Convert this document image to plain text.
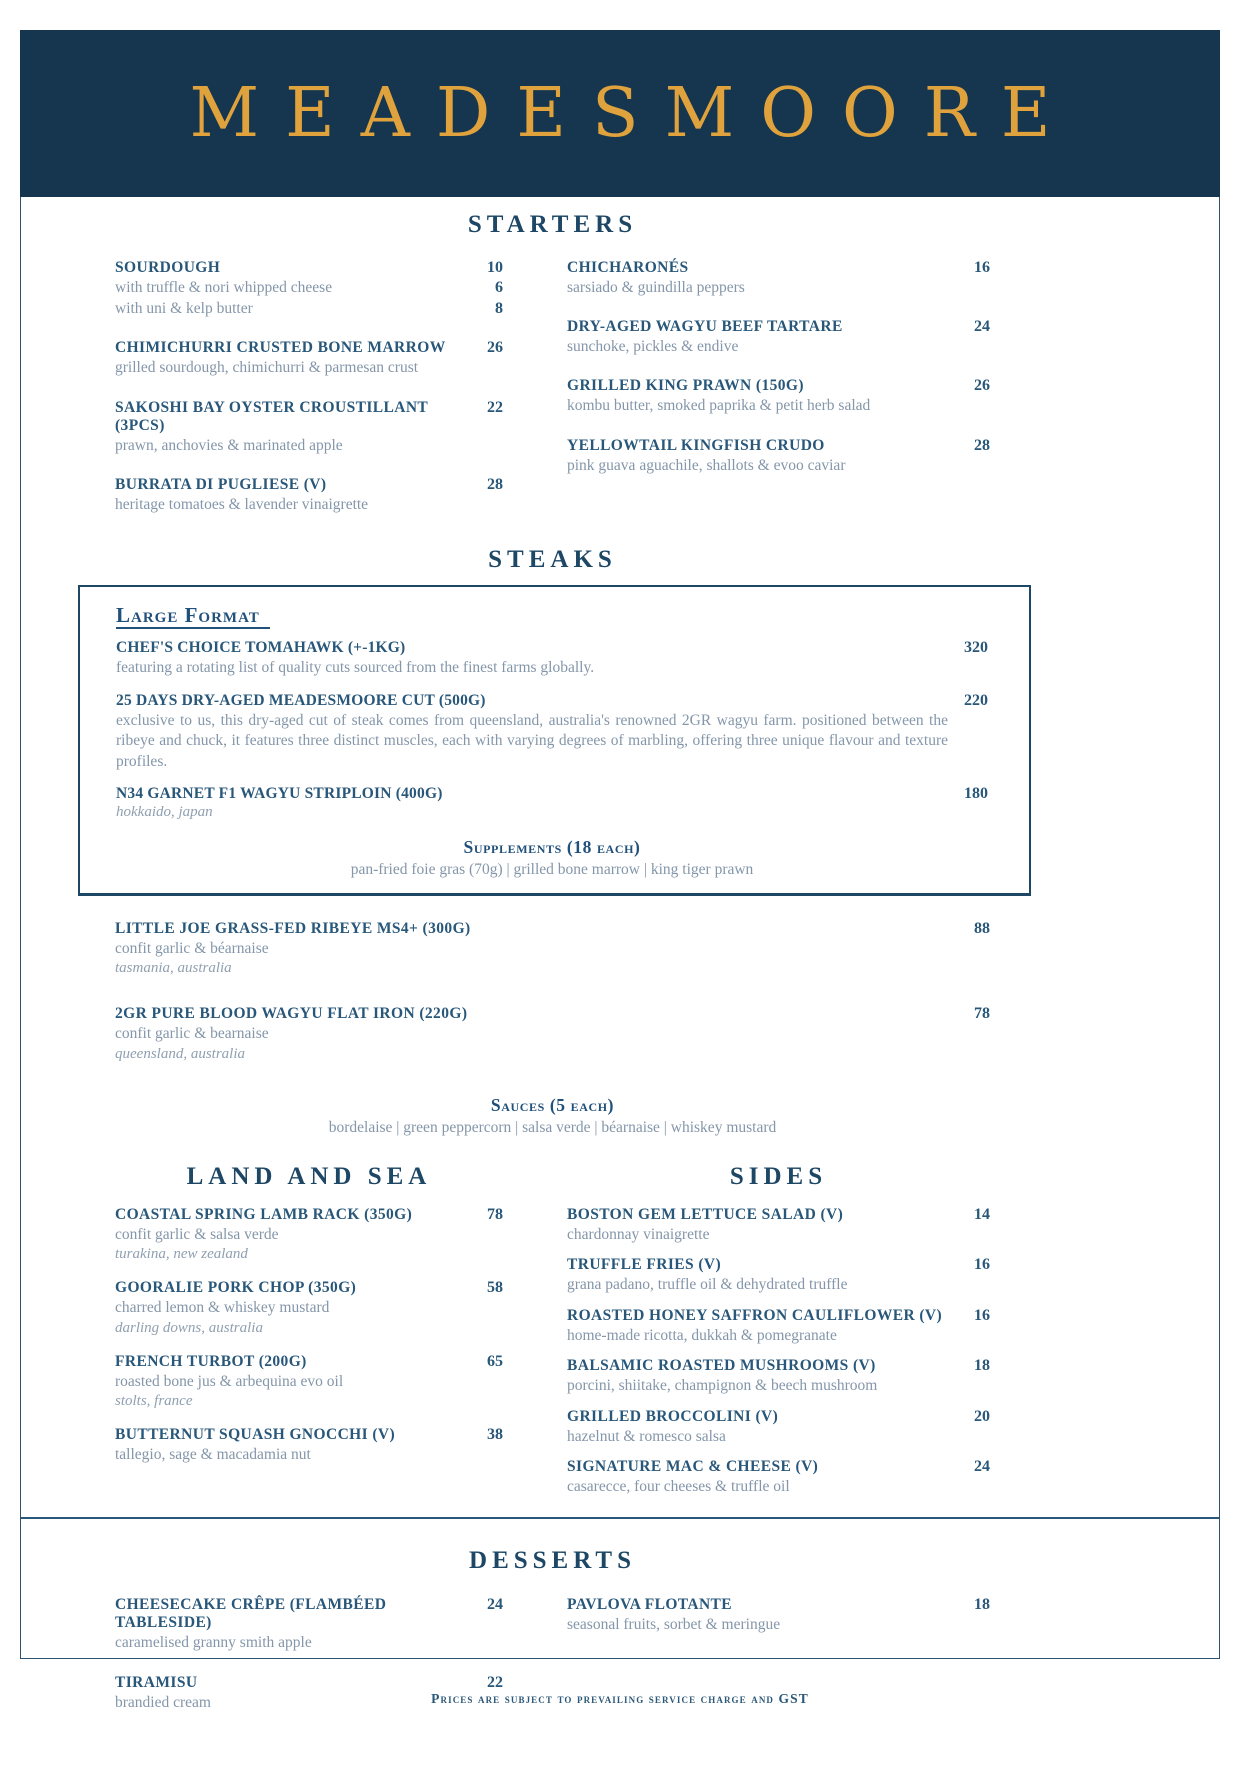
MEADESMOORE
STARTERS
SOURDOUGH	10
with truffle & nori whipped cheese	6
with uni & kelp butter	8
CHIMICHURRI CRUSTED BONE MARROW	26
grilled sourdough, chimichurri & parmesan crust
SAKOSHI BAY OYSTER CROUSTILLANT (3PCS)
22
prawn, anchovies & marinated apple
BURRATA DI PUGLIESE (V)	28
heritage tomatoes & lavender vinaigrette
CHICHARONÉS	16
sarsiado & guindilla peppers
DRY-AGED WAGYU BEEF TARTARE	24
sunchoke, pickles & endive
GRILLED KING PRAWN (150G)	26
kombu butter, smoked paprika & petit herb salad
YELLOWTAIL KINGFISH CRUDO	28
pink guava aguachile, shallots & evoo caviar
STEAKS
Large Format
CHEF'S CHOICE TOMAHAWK (+-1KG)	320
featuring a rotating list of quality cuts sourced from the finest farms globally.
25 DAYS DRY-AGED MEADESMOORE CUT (500G)	220
exclusive to us, this dry-aged cut of steak comes from queensland, australia's renowned 2GR wagyu farm. positioned between the ribeye and chuck, it features three distinct muscles, each with varying degrees of marbling, offering three unique flavour and texture profiles.
N34 GARNET F1 WAGYU STRIPLOIN (400G)	180
hokkaido, japan
Supplements (18 each)
pan-fried foie gras (70g) | grilled bone marrow | king tiger prawn
LITTLE JOE GRASS-FED RIBEYE MS4+ (300G)	88
confit garlic & béarnaise
tasmania, australia
2GR PURE BLOOD WAGYU FLAT IRON (220G)	78
confit garlic & bearnaise
queensland, australia
Sauces (5 each)
bordelaise | green peppercorn | salsa verde | béarnaise | whiskey mustard
LAND AND SEA
COASTAL SPRING LAMB RACK (350G)	78
confit garlic & salsa verde
turakina, new zealand
GOORALIE PORK CHOP (350G)	58
charred lemon & whiskey mustard
darling downs, australia
FRENCH TURBOT (200G)	65
roasted bone jus & arbequina evo oil
stolts, france
BUTTERNUT SQUASH GNOCCHI (V)	38
tallegio, sage & macadamia nut
SIDES
BOSTON GEM LETTUCE SALAD (V)	14
chardonnay vinaigrette
TRUFFLE FRIES (V)	16
grana padano, truffle oil & dehydrated truffle
ROASTED HONEY SAFFRON CAULIFLOWER (V)	16
home-made ricotta, dukkah & pomegranate
BALSAMIC ROASTED MUSHROOMS (V)	18
porcini, shiitake, champignon & beech mushroom
GRILLED BROCCOLINI (V)	20
hazelnut & romesco salsa
SIGNATURE MAC & CHEESE (V)	24
casarecce, four cheeses & truffle oil
DESSERTS
CHEESECAKE CRÊPE (FLAMBÉED TABLESIDE)
24
caramelised granny smith apple
TIRAMISU	22
brandied cream
PAVLOVA FLOTANTE	18
seasonal fruits, sorbet & meringue
Prices are subject to prevailing service charge and GST
